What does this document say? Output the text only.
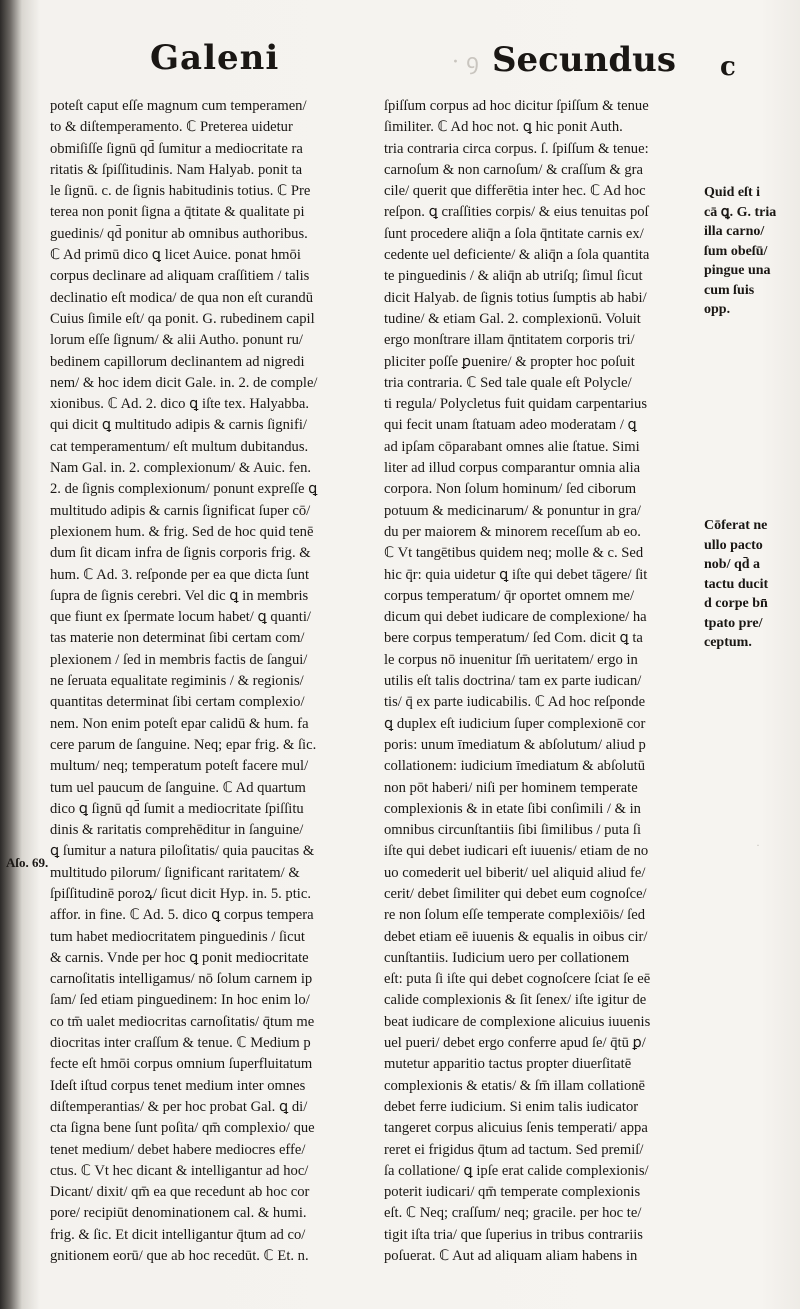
Galeni	· ꝯ Secundus c
poteſt caput eſſe magnum cum temperamen/
to & diſtemperamento. ℂ Preterea uidetur
obmiſiſſe ſignū qd̄ ſumitur a mediocritate ra
ritatis & ſpiſſitudinis. Nam Halyab. ponit ta
le ſignū. c. de ſignis habitudinis totius. ℂ Pre
terea non ponit ſigna a q̄titate & qualitate pi
guedinis/ qd̄ ponitur ab omnibus authoribus.
ℂ Ad primū dico ꝗ licet Auice. ponat hmōi
corpus declinare ad aliquam craſſitiem / talis
declinatio eſt modica/ de qua non eſt curandū
Cuius ſimile eſt/ qa ponit. G. rubedinem capil
lorum eſſe ſignum/ & alii Autho. ponunt ru/
bedinem capillorum declinantem ad nigredi
nem/ & hoc idem dicit Gale. in. 2. de comple/
xionibus. ℂ Ad. 2. dico ꝗ iſte tex. Halyabba.
qui dicit ꝗ multitudo adipis & carnis ſignifi/
cat temperamentum/ eſt multum dubitandus.
Nam Gal. in. 2. complexionum/ & Auic. fen.
2. de ſignis complexionum/ ponunt expreſſe ꝗ
multitudo adipis & carnis ſignificat ſuper cō/
plexionem hum. & frig. Sed de hoc quid tenē
dum ſit dicam infra de ſignis corporis frig. &
hum. ℂ Ad. 3. reſponde per ea que dicta ſunt
ſupra de ſignis cerebri. Vel dic ꝗ in membris
que fiunt ex ſpermate locum habet/ ꝗ quanti/
tas materie non determinat ſibi certam com/
plexionem / ſed in membris factis de ſangui/
ne ſeruata equalitate regiminis / & regionis/
quantitas determinat ſibi certam complexio/
nem. Non enim poteſt epar calidū & hum. fa
cere parum de ſanguine. Neq; epar frig. & ſic.
multum/ neq; temperatum poteſt facere mul/
tum uel paucum de ſanguine. ℂ Ad quartum
dico ꝗ ſignū qd̄ ſumit a mediocritate ſpiſſitu
dinis & raritatis comprehēditur in ſanguine/
ꝗ ſumitur a natura piloſitatis/ quia paucitas &
multitudo pilorum/ ſignificant raritatem/ &
ſpiſſitudinē poroꝝ/ ſicut dicit Hyp. in. 5. ptic.
affor. in fine. ℂ Ad. 5. dico ꝗ corpus tempera
tum habet mediocritatem pinguedinis / ſicut
& carnis. Vnde per hoc ꝗ ponit mediocritate
carnoſitatis intelligamus/ nō ſolum carnem ip
ſam/ ſed etiam pinguedinem: In hoc enim lo/
co tm̄ ualet mediocritas carnoſitatis/ q̄tum me
diocritas inter craſſum & tenue. ℂ Medium p
fecte eſt hmōi corpus omnium ſuperfluitatum
Ideſt iſtud corpus tenet medium inter omnes
diſtemperantias/ & per hoc probat Gal. ꝗ di/
cta ſigna bene ſunt poſita/ qm̄ complexio/ que
tenet medium/ debet habere mediocres effe/
ctus. ℂ Vt hec dicant & intelligantur ad hoc/
Dicant/ dixit/ qm̄ ea que recedunt ab hoc cor
pore/ recipiūt denominationem cal. & humi.
frig. & ſic. Et dicit intelligantur q̄tum ad co/
gnitionem eorū/ que ab hoc recedūt. ℂ Et. n.
ſpiſſum corpus ad hoc dicitur ſpiſſum & tenue
ſimiliter. ℂ Ad hoc not. ꝗ hic ponit Auth.
tria contraria circa corpus. ſ. ſpiſſum & tenue:
carnoſum & non carnoſum/ & craſſum & gra
cile/ querit que differētia inter hec. ℂ Ad hoc
reſpon. ꝗ craſſities corpis/ & eius tenuitas poſ
ſunt procedere aliq̄n a ſola q̄ntitate carnis ex/
cedente uel deficiente/ & aliq̄n a ſola quantita
te pinguedinis / & aliq̄n ab utriſq; ſimul ſicut
dicit Halyab. de ſignis totius ſumptis ab habi/
tudine/ & etiam Gal. 2. complexionū. Voluit
ergo monſtrare illam q̄ntitatem corporis tri/
pliciter poſſe ꝑuenire/ & propter hoc poſuit
tria contraria. ℂ Sed tale quale eſt Polycle/
ti regula/ Polycletus fuit quidam carpentarius
qui fecit unam ſtatuam adeo moderatam / ꝗ
ad ipſam cōparabant omnes alie ſtatue. Simi
liter ad illud corpus comparantur omnia alia
corpora. Non ſolum hominum/ ſed ciborum
potuum & medicinarum/ & ponuntur in gra/
du per maiorem & minorem receſſum ab eo.
ℂ Vt tangētibus quidem neq; molle & c. Sed
hic q̄r: quia uidetur ꝗ iſte qui debet tāgere/ ſit
corpus temperatum/ q̄r oportet omnem me/
dicum qui debet iudicare de complexione/ ha
bere corpus temperatum/ ſed Com. dicit ꝗ ta
le corpus nō inuenitur ſm̄ ueritatem/ ergo in
utilis eſt talis doctrina/ tam ex parte iudican/
tis/ q̄ ex parte iudicabilis. ℂ Ad hoc reſponde
ꝗ duplex eſt iudicium ſuper complexionē cor
poris: unum īmediatum & abſolutum/ aliud p
collationem: iudicium īmediatum & abſolutū
non pōt haberi/ niſi per hominem temperate
complexionis & in etate ſibi conſimili / & in
omnibus circunſtantiis ſibi ſimilibus / puta ſi
iſte qui debet iudicari eſt iuuenis/ etiam de no
uo comederit uel biberit/ uel aliquid aliud fe/
cerit/ debet ſimiliter qui debet eum cognoſce/
re non ſolum eſſe temperate complexiōis/ ſed
debet etiam eē iuuenis & equalis in oibus cir/
cunſtantiis. Iudicium uero per collationem
eſt: puta ſi iſte qui debet cognoſcere ſciat ſe eē
calide complexionis & ſit ſenex/ iſte igitur de
beat iudicare de complexione alicuius iuuenis
uel pueri/ debet ergo conferre apud ſe/ q̄tū ꝑ/
mutetur apparitio tactus propter diuerſitatē
complexionis & etatis/ & ſm̄ illam collationē
debet ferre iudicium. Si enim talis iudicator
tangeret corpus alicuius ſenis temperati/ appa
reret ei frigidus q̄tum ad tactum. Sed premiſ/
ſa collatione/ ꝗ ipſe erat calide complexionis/
poterit iudicari/ qm̄ temperate complexionis
eſt. ℂ Neq; craſſum/ neq; gracile. per hoc te/
tigit iſta tria/ que ſuperius in tribus contrariis
poſuerat. ℂ Aut ad aliquam aliam habens in
Quid eſt i
cā ꝗ. G. tria
illa carno/
ſum obeſū/
pingue una
cum ſuis
opp.
Cōferat ne
ullo pacto
nob/ qd̄ a
tactu ducit
d corpe bn̄
tpato pre/
ceptum.
Aſo. 69.
·
